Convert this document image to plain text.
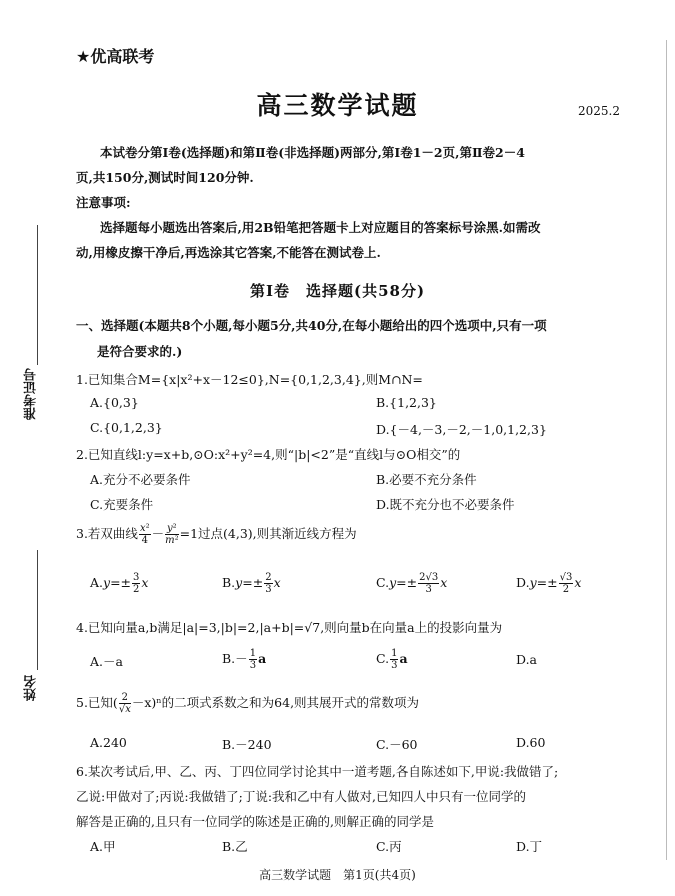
准考证号
姓名
★优高联考
高三数学试题	2025.2
本试卷分第Ⅰ卷(选择题)和第Ⅱ卷(非选择题)两部分,第Ⅰ卷1－2页,第Ⅱ卷2－4
页,共150分,测试时间120分钟.
注意事项:
选择题每小题选出答案后,用2B铅笔把答题卡上对应题目的答案标号涂黑.如需改
动,用橡皮擦干净后,再选涂其它答案,不能答在测试卷上.
第Ⅰ卷　选择题(共58分)
一、选择题(本题共8个小题,每小题5分,共40分,在每小题给出的四个选项中,只有一项
是符合要求的.)
1.已知集合M={x|x²+x－12≤0},N={0,1,2,3,4},则M∩N=
A.{0,3}	B.{1,2,3}
C.{0,1,2,3}	D.{－4,－3,－2,－1,0,1,2,3}
2.已知直线l:y=x+b,⊙O:x²+y²=4,则“|b|<2”是“直线l与⊙O相交”的
A.充分不必要条件	B.必要不充分条件
C.充要条件	D.既不充分也不必要条件
3.若双曲线 $\frac{\text{x²}}{4} - \frac{\text{y²}}{\text{m²}} =1$过点(4,3),则其渐近线方程为
$A.y=\pm \frac{3}{2}$ x	$B.y=\pm \frac{2}{3}$ x	$C.y=\pm \frac{2√3}{3}$ x	$D.y=\pm \frac{√3}{2}$ x
4.已知向量a,b满足|a|=3,|b|=2,|a+b|=√7,则向量b在向量a上的投影向量为
A.－a	$B.- \frac{1}{3}$ a	C. $\frac{1}{3}$ a	D.a
5.已知( $\frac{2}{√x} -x)^n$的二项式系数之和为64,则其展开式的常数项为
A.240	B.－240	C.－60	D.60
6.某次考试后,甲、乙、丙、丁四位同学讨论其中一道考题,各自陈述如下,甲说:我做错了;
乙说:甲做对了;丙说:我做错了;丁说:我和乙中有人做对,已知四人中只有一位同学的
解答是正确的,且只有一位同学的陈述是正确的,则解正确的同学是
A.甲	B.乙	C.丙	D.丁
高三数学试题　第1页(共4页)
